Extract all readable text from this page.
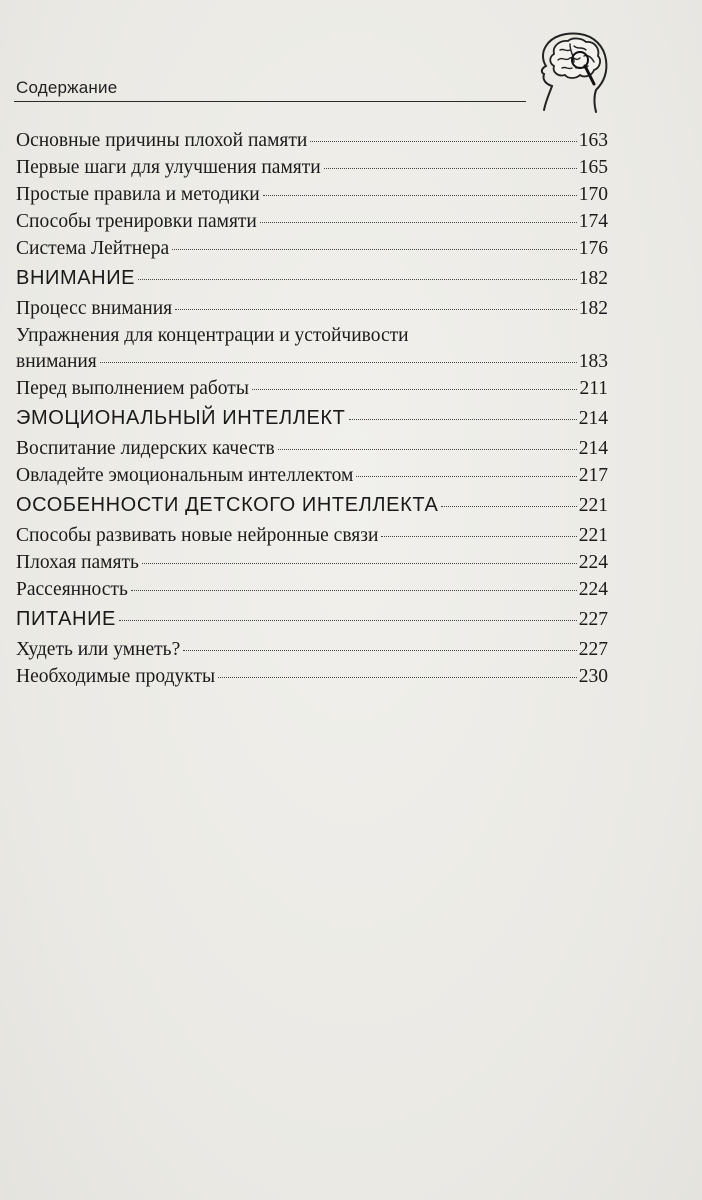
Содержание
Основные причины плохой памяти	163
Первые шаги для улучшения памяти	165
Простые правила и методики	170
Способы тренировки памяти	174
Система Лейтнера	176
ВНИМАНИЕ	182
Процесс внимания	182
Упражнения для концентрации и устойчивости
внимания	183
Перед выполнением работы	211
ЭМОЦИОНАЛЬНЫЙ ИНТЕЛЛЕКТ	214
Воспитание лидерских качеств	214
Овладейте эмоциональным интеллектом	217
ОСОБЕННОСТИ ДЕТСКОГО ИНТЕЛЛЕКТА	221
Способы развивать новые нейронные связи	221
Плохая память	224
Рассеянность	224
ПИТАНИЕ	227
Худеть или умнеть?	227
Необходимые продукты	230
